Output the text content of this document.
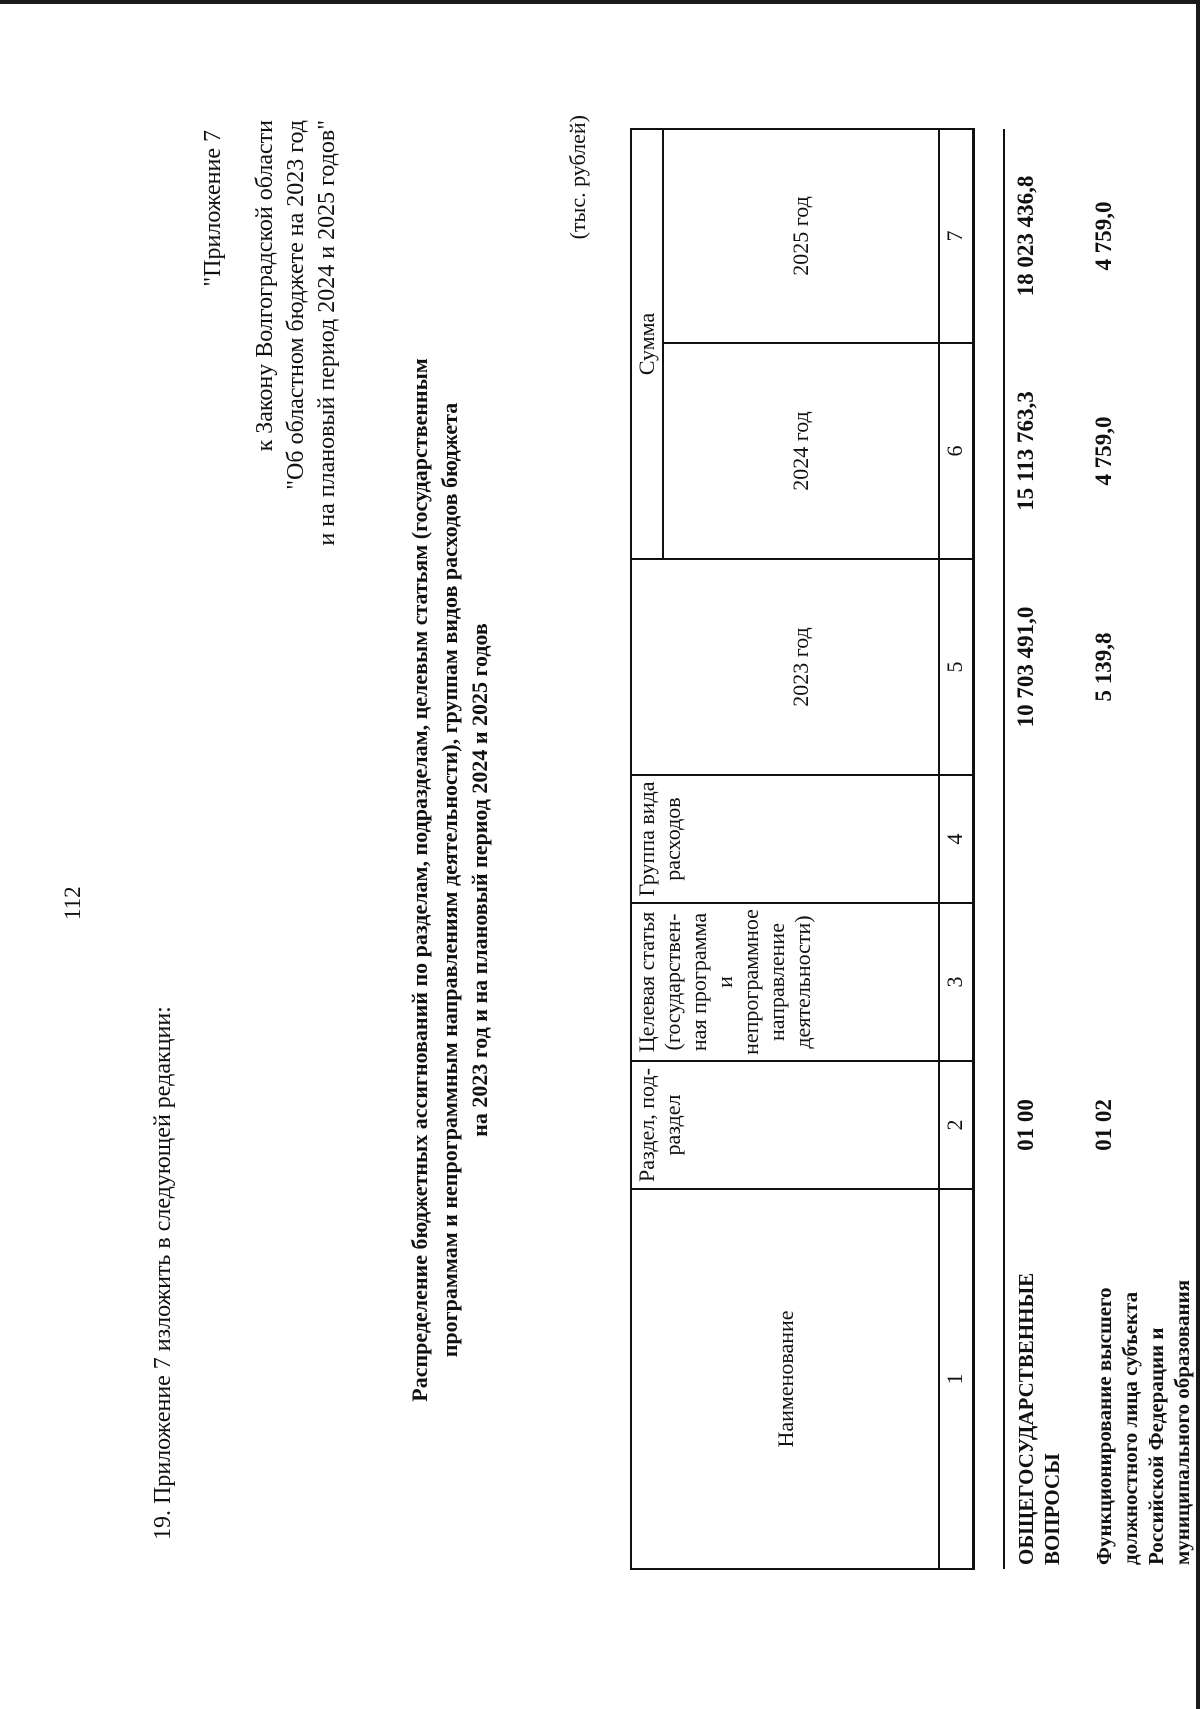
112
19. Приложение 7 изложить в следующей редакции:
"Приложение 7 к Закону Волгоградской области "Об областном бюджете на 2023 год и на плановый период 2024 и 2025 годов"
Распределение бюджетных ассигнований по разделам, подразделам, целевым статьям (государственным программам и непрограммным направлениям деятельности), группам видов расходов бюджета на 2023 год и на плановый период 2024 и 2025 годов
(тыс. рублей)
Наименование	Раздел, под- раздел	Целевая статья (государствен- ная программа и непрограммное направление деятельности)	Группа вида расходов		Сумма	
				2023 год	2024 год	2025 год
1	2	3	4	5	6	7

ОБЩЕГОСУДАРСТВЕННЫЕ ВОПРОСЫ	01 00			10 703 491,0	15 113 763,3	18 023 436,8
Функционирование высшего должностного лица субъекта Российской Федерации и муниципального образования	01 02			5 139,8	4 759,0	4 759,0
